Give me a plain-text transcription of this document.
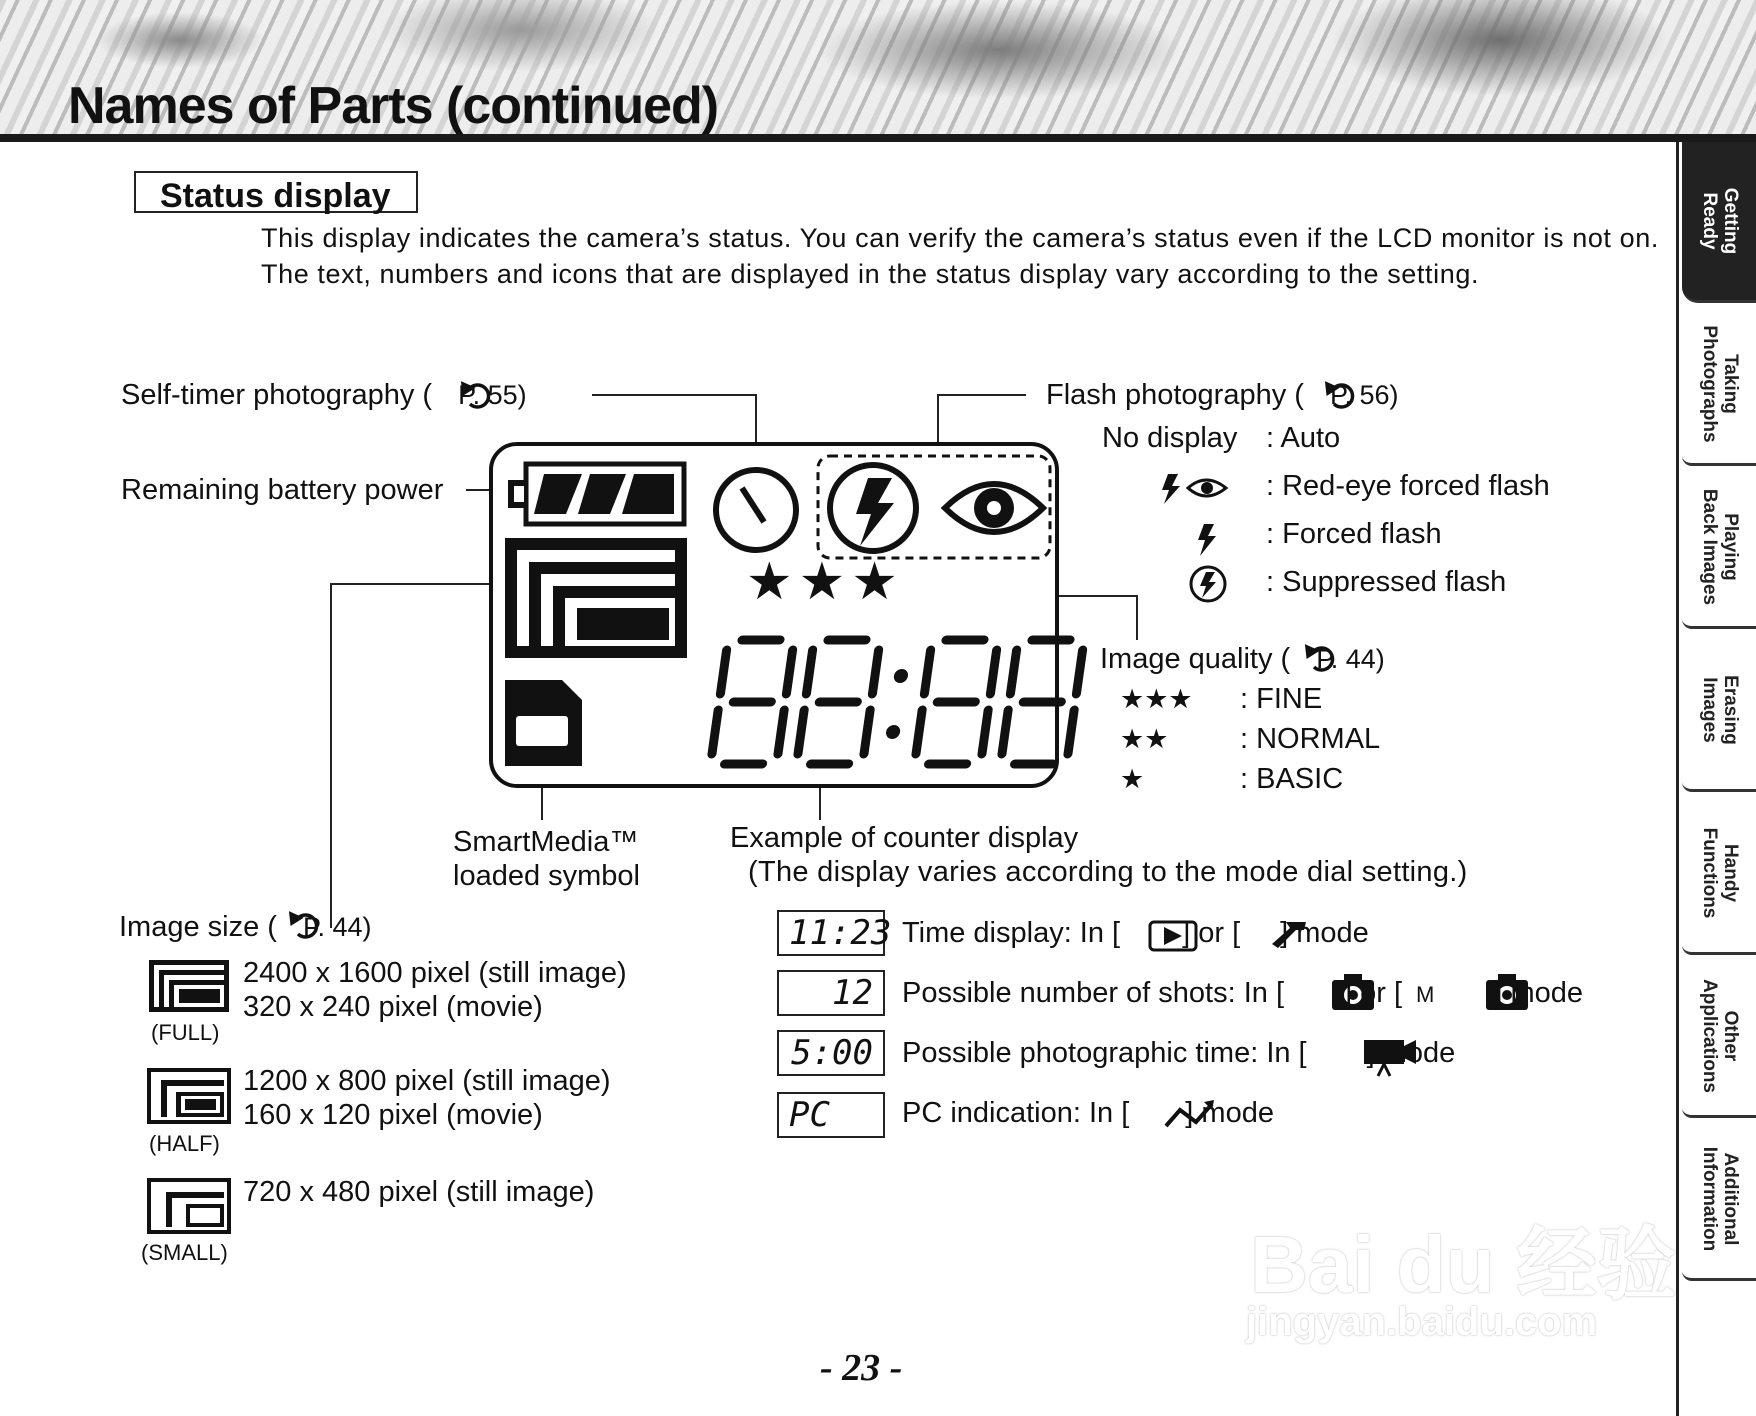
Names of Parts (continued)
Getting
Ready
Taking
Photographs
Playing
Back Images
Erasing
Images
Handy
Functions
Other
Applications
Additional
Information
Status display

This display indicates the camera’s status. You can verify the camera’s status even if the LCD monitor is not on.

The text, numbers and icons that are displayed in the status display vary according to the setting.

★★★
Self-timer photography ( P. 55)
Remaining battery power
Flash photography ( P. 56)
No display : Auto
: Red-eye forced flash
: Forced flash
: Suppressed flash
Image quality ( P. 44)
★★★ : FINE
★★ : NORMAL
★	: BASIC
SmartMedia™
loaded symbol
Example of counter display
(The display varies according to the mode dial setting.)
Image size ( P. 44)
2400 x 1600 pixel (still image)
320 x 240 pixel (movie)
(FULL)
1200 x 800 pixel (still image)
160 x 120 pixel (movie)
(HALF)
720 x 480 pixel (still image)
(SMALL)
11:23 Time display: In [ ] or [ ] mode
12	Possible number of shots: In [ ] or [ M ] mode
5:00	Possible photographic time: In [ ] mode
PC	PC indication: In [ ] mode
Bai du 经验
jingyan.baidu.com
- 23 -
